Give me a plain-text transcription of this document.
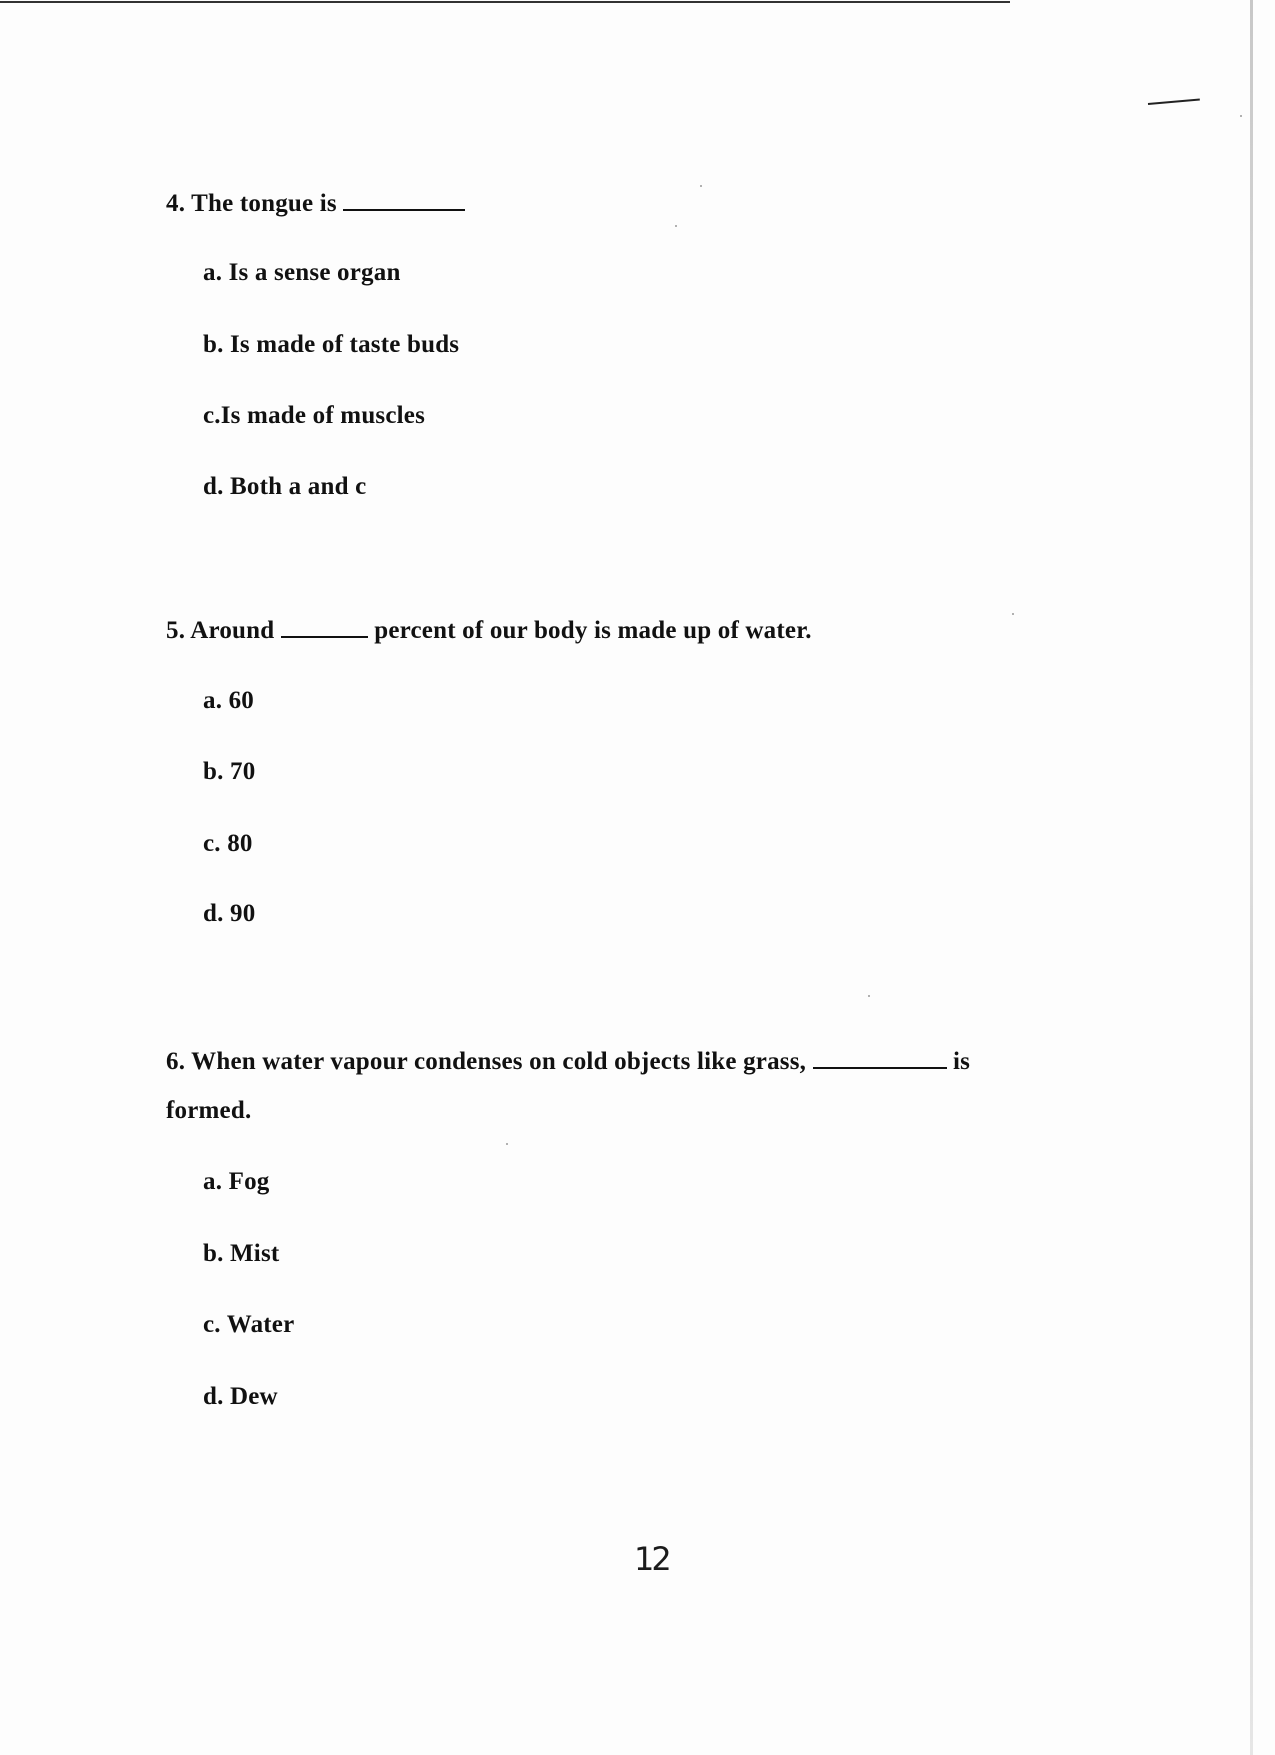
4. The tongue is
a. Is a sense organ
b. Is made of taste buds
c.Is made of muscles
d. Both a and c
5. Around	percent of our body is made up of water.
a. 60
b. 70
c. 80
d. 90
6. When water vapour condenses on cold objects like grass,	is
formed.
a. Fog
b. Mist
c. Water
d. Dew
12
